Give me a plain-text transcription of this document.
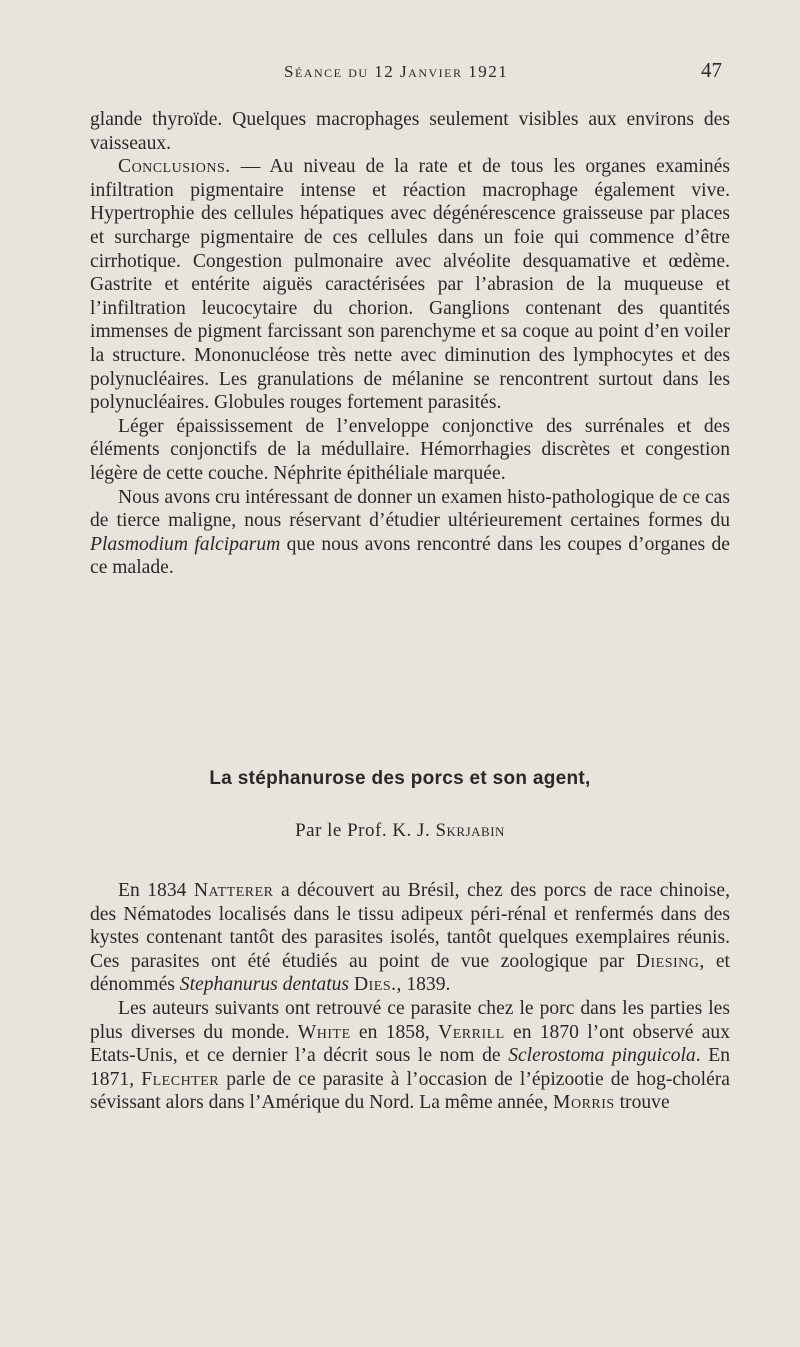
Séance du 12 Janvier 1921	47

glande thyroïde. Quelques macrophages seulement visibles aux environs des vaisseaux.

Conclusions. — Au niveau de la rate et de tous les organes examinés infiltration pigmentaire intense et réaction macrophage également vive. Hypertrophie des cellules hépatiques avec dégénérescence graisseuse par places et surcharge pigmentaire de ces cellules dans un foie qui commence d’être cirrhotique. Congestion pulmonaire avec alvéolite desquamative et œdème. Gastrite et entérite aiguës caractérisées par l’abrasion de la muqueuse et l’infiltration leucocytaire du chorion. Ganglions contenant des quantités immenses de pigment farcissant son parenchyme et sa coque au point d’en voiler la structure. Mononucléose très nette avec diminution des lymphocytes et des polynucléaires. Les granulations de mélanine se rencontrent surtout dans les polynucléaires. Globules rouges fortement parasités.

Léger épaississement de l’enveloppe conjonctive des surrénales et des éléments conjonctifs de la médullaire. Hémorrhagies discrètes et congestion légère de cette couche. Néphrite épithéliale marquée.

Nous avons cru intéressant de donner un examen histo-pathologique de ce cas de tierce maligne, nous réservant d’étudier ultérieurement certaines formes du Plasmodium falciparum que nous avons rencontré dans les coupes d’organes de ce malade.

La stéphanurose des porcs et son agent,
Par le Prof. K. J. Skrjabin

En 1834 Natterer a découvert au Brésil, chez des porcs de race chinoise, des Nématodes localisés dans le tissu adipeux péri-rénal et renfermés dans des kystes contenant tantôt des parasites isolés, tantôt quelques exemplaires réunis. Ces parasites ont été étudiés au point de vue zoologique par Diesing, et dénommés Stephanurus dentatus Dies., 1839.

Les auteurs suivants ont retrouvé ce parasite chez le porc dans les parties les plus diverses du monde. White en 1858, Verrill en 1870 l’ont observé aux Etats-Unis, et ce dernier l’a décrit sous le nom de Sclerostoma pinguicola. En 1871, Flechter parle de ce parasite à l’occasion de l’épizootie de hog-choléra sévissant alors dans l’Amérique du Nord. La même année, Morris trouve
